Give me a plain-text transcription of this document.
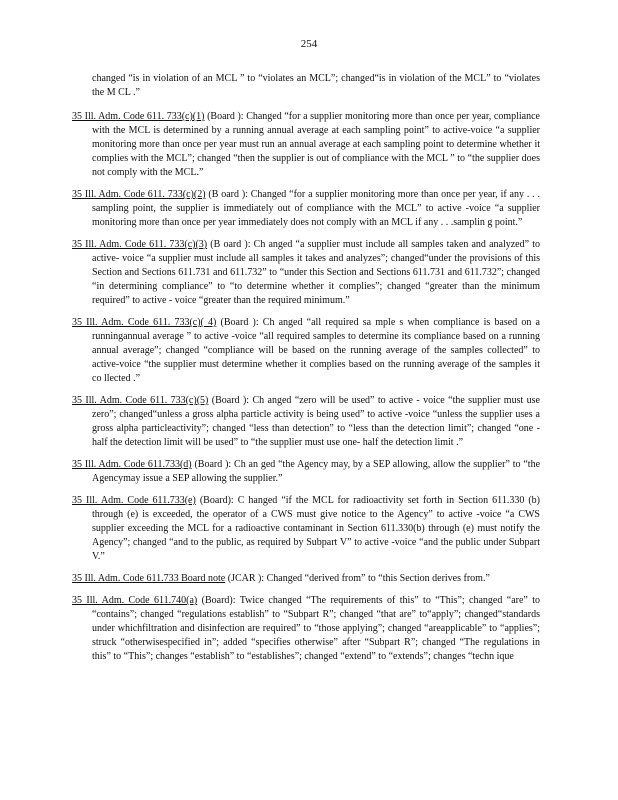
254

changed “is in violation of an MCL ” to “violates an MCL”; changed“is in violation of the MCL” to “violates the M CL .”

35 Ill. Adm. Code 611. 733(c)(1) (Board ): Changed “for a supplier monitoring more than once per year, compliance with the MCL is determined by a running annual average at each sampling point” to active-voice “a supplier monitoring more than once per year must run an annual average at each sampling point to determine whether it complies with the MCL”; changed “then the supplier is out of compliance with the MCL ” to “the supplier does not comply with the MCL.”

35 Ill. Adm. Code 611. 733(c)(2) (B oard ): Changed “for a supplier monitoring more than once per year, if any . . . sampling point, the supplier is immediately out of compliance with the MCL” to active -voice “a supplier monitoring more than once per year immediately does not comply with an MCL if any . . .samplin g point.”

35 Ill. Adm. Code 611. 733(c)(3) (B oard ): Ch anged “a supplier must include all samples taken and analyzed” to active- voice “a supplier must include all samples it takes and analyzes”; changed“under the provisions of this Section and Sections 611.731 and 611.732” to “under this Section and Sections 611.731 and 611.732”; changed “in determining compliance” to “to determine whether it complies”; changed “greater than the minimum required” to active - voice “greater than the required minimum.”

35 Ill. Adm. Code 611. 733(c)( 4) (Board ): Ch anged “all required sa mple s when compliance is based on a runningannual average ” to active -voice “all required samples to determine its compliance based on a running annual average”; changed “compliance will be based on the running average of the samples collected” to active-voice “the supplier must determine whether it complies based on the running average of the samples it co llected .”

35 Ill. Adm. Code 611. 733(c)(5) (Board ): Ch anged “zero will be used” to active - voice “the supplier must use zero”; changed“unless a gross alpha particle activity is being used” to active -voice “unless the supplier uses a gross alpha particleactivity”; changed “less than detection” to “less than the detection limit”; changed “one -half the detection limit will be used” to “the supplier must use one- half the detection limit .”

35 Ill. Adm. Code 611.733(d) (Board ): Ch an ged “the Agency may, by a SEP allowing, allow the supplier” to “the Agencymay issue a SEP allowing the supplier.”

35 Ill. Adm. Code 611.733(e) (Board): C hanged “if the MCL for radioactivity set forth in Section 611.330 (b) through (e) is exceeded, the operator of a CWS must give notice to the Agency” to active -voice “a CWS supplier exceeding the MCL for a radioactive contaminant in Section 611.330(b) through (e) must notify the Agency”; changed “and to the public, as required by Subpart V” to active -voice “and the public under Subpart V.”

35 Ill. Adm. Code 611.733 Board note (JCAR ): Changed “derived from” to “this Section derives from.”

35 Ill. Adm. Code 611.740(a) (Board): Twice changed “The requirements of this” to “This”; changed “are” to “contains”; changed “regulations establish” to “Subpart R”; changed “that are” to“apply”; changed“standards under whichfiltration and disinfection are required” to “those applying”; changed “areapplicable” to “applies”; struck “otherwisespecified in”; added “specifies otherwise” after “Subpart R”; changed “The regulations in this” to “This”; changes “establish” to “establishes”; changed “extend” to “extends”; changes “techn ique
